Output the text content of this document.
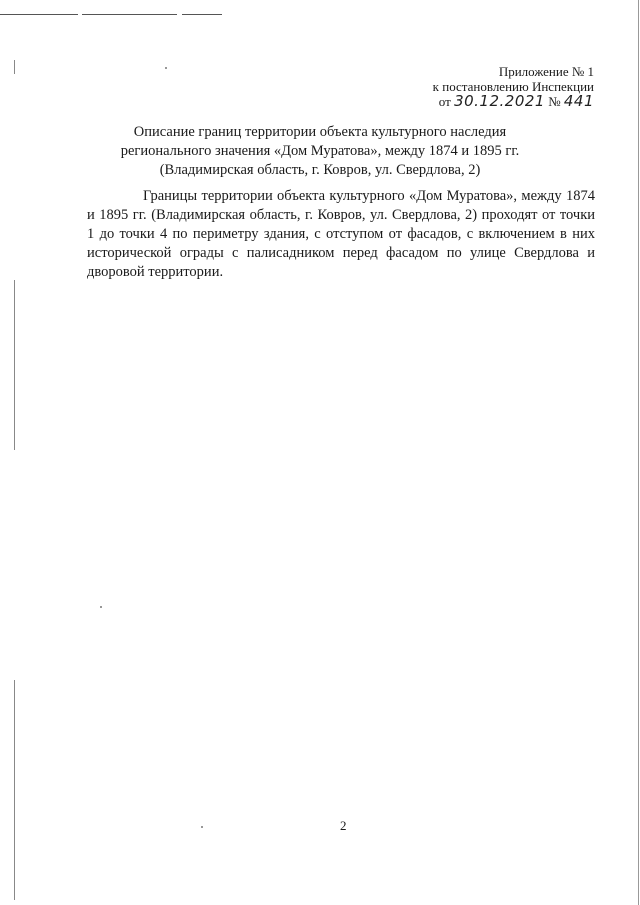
Приложение № 1
к постановлению Инспекции
от 30.12.2021 № 441
Описание границ территории объекта культурного наследия
регионального значения «Дом Муратова», между 1874 и 1895 гг.
(Владимирская область, г. Ковров, ул. Свердлова, 2)

Границы территории объекта культурного «Дом Муратова», между 1874 и 1895 гг. (Владимирская область, г. Ковров, ул. Свердлова, 2) проходят от точки 1 до точки 4 по периметру здания, с отступом от фасадов, с включением в них исторической ограды с палисадником перед фасадом по улице Свердлова и дворовой территории.

2
